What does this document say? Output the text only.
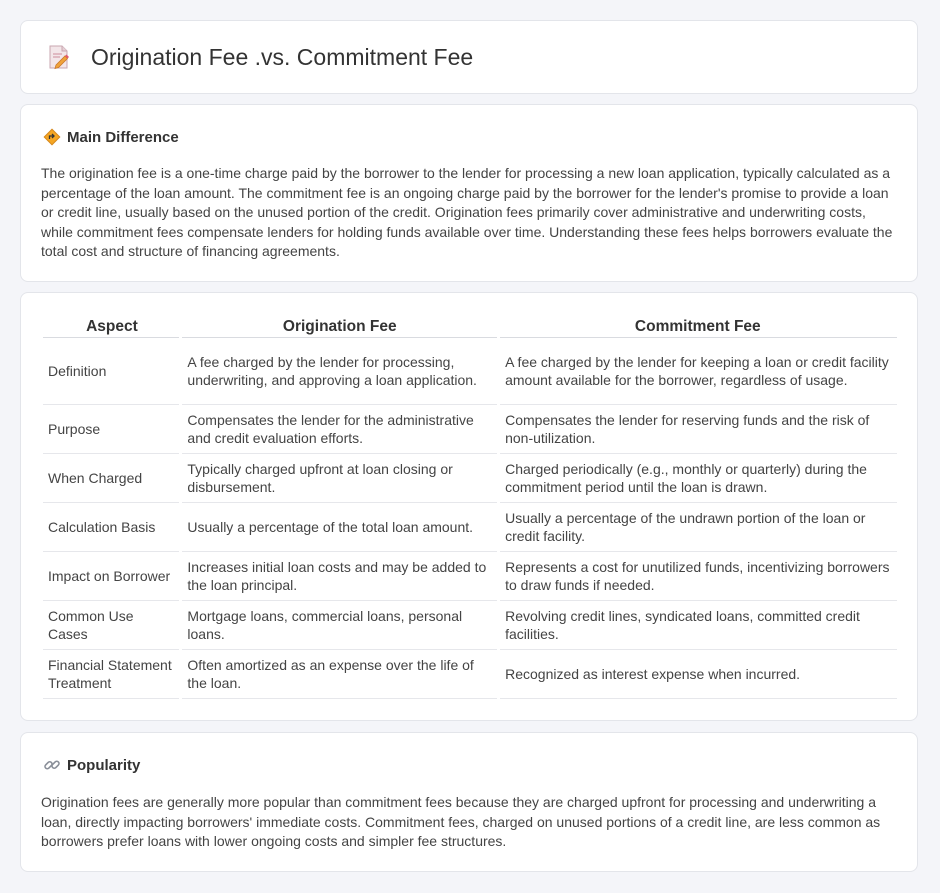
Origination Fee .vs. Commitment Fee
Main Difference
The origination fee is a one-time charge paid by the borrower to the lender for processing a new loan application, typically calculated as a percentage of the loan amount. The commitment fee is an ongoing charge paid by the borrower for the lender's promise to provide a loan or credit line, usually based on the unused portion of the credit. Origination fees primarily cover administrative and underwriting costs, while commitment fees compensate lenders for holding funds available over time. Understanding these fees helps borrowers evaluate the total cost and structure of financing agreements.
Aspect	Origination Fee	Commitment Fee
Definition	A fee charged by the lender for processing, underwriting, and approving a loan application.	A fee charged by the lender for keeping a loan or credit facility amount available for the borrower, regardless of usage.
Purpose	Compensates the lender for the administrative and credit evaluation efforts.	Compensates the lender for reserving funds and the risk of non-utilization.
When Charged	Typically charged upfront at loan closing or disbursement.	Charged periodically (e.g., monthly or quarterly) during the commitment period until the loan is drawn.
Calculation Basis	Usually a percentage of the total loan amount.	Usually a percentage of the undrawn portion of the loan or credit facility.
Impact on Borrower	Increases initial loan costs and may be added to the loan principal.	Represents a cost for unutilized funds, incentivizing borrowers to draw funds if needed.
Common Use Cases	Mortgage loans, commercial loans, personal loans.	Revolving credit lines, syndicated loans, committed credit facilities.
Financial Statement Treatment	Often amortized as an expense over the life of the loan.	Recognized as interest expense when incurred.
Popularity
Origination fees are generally more popular than commitment fees because they are charged upfront for processing and underwriting a loan, directly impacting borrowers' immediate costs. Commitment fees, charged on unused portions of a credit line, are less common as borrowers prefer loans with lower ongoing costs and simpler fee structures.
